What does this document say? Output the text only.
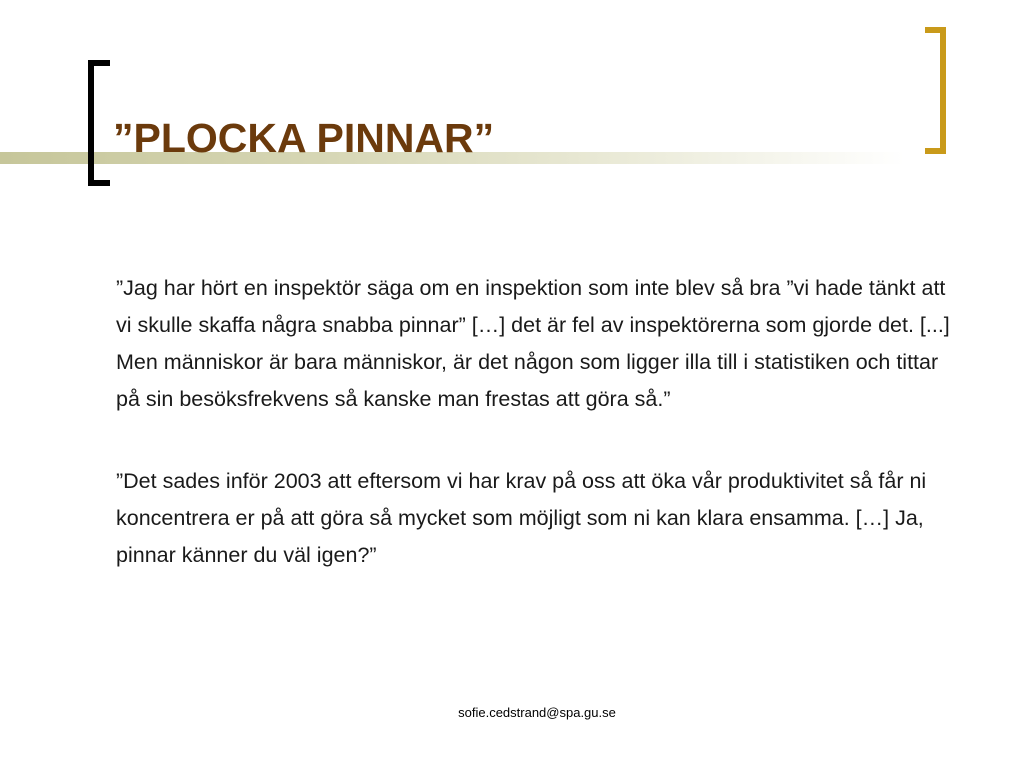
”PLOCKA PINNAR”

”Jag har hört en inspektör säga om en inspektion som inte blev så bra ”vi hade tänkt att vi skulle skaffa några snabba pinnar” […] det är fel av inspektörerna som gjorde det. [...] Men människor är bara människor, är det någon som ligger illa till i statistiken och tittar på sin besöksfrekvens så kanske man frestas att göra så.”

”Det sades inför 2003 att eftersom vi har krav på oss att öka vår produktivitet så får ni koncentrera er på att göra så mycket som möjligt som ni kan klara ensamma. […] Ja, pinnar känner du väl igen?”

sofie.cedstrand@spa.gu.se
